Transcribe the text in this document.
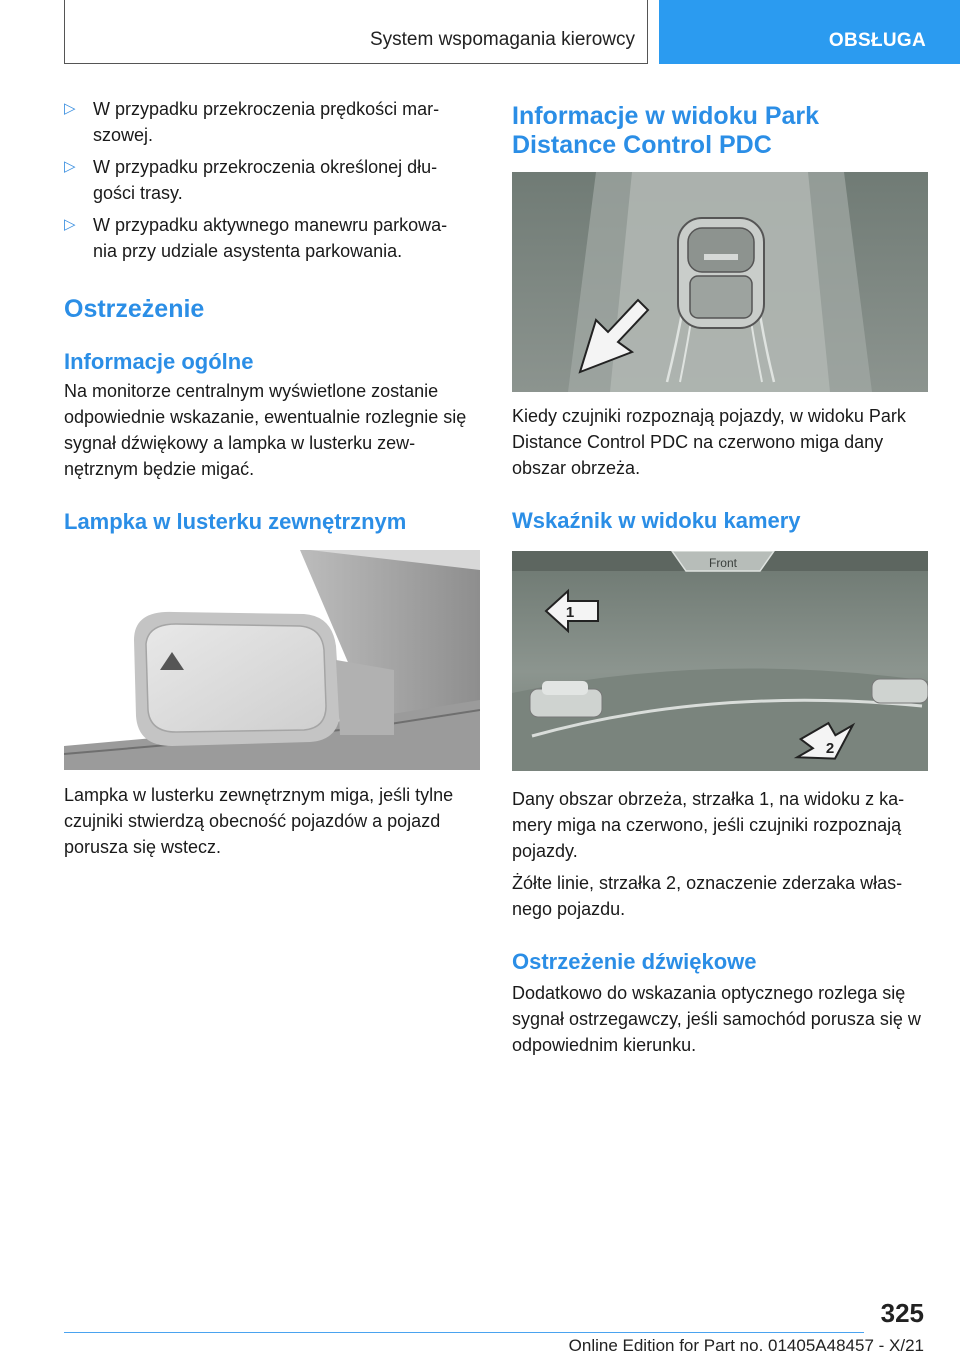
System wspomagania kierowcy	OBSŁUGA
▷ W przypadku przekroczenia prędkości mar‐
szowej.
▷ W przypadku przekroczenia określonej dłu‐
gości trasy.
▷ W przypadku aktywnego manewru parkowa‐
nia przy udziale asystenta parkowania.
Ostrzeżenie
Informacje ogólne

Na monitorze centralnym wyświetlone zostanie odpowiednie wskazanie, ewentualnie rozlegnie się sygnał dźwiękowy a lampka w lusterku zew‐nętrznym będzie migać.

Lampka w lusterku zewnętrznym

Lampka w lusterku zewnętrznym miga, jeśli tylne czujniki stwierdzą obecność pojazdów a pojazd porusza się wstecz.

Informacje w widoku Park Distance Control PDC

Kiedy czujniki rozpoznają pojazdy, w widoku Park Distance Control PDC na czerwono miga dany obszar obrzeża.

Wskaźnik w widoku kamery
Front
1
2

Dany obszar obrzeża, strzałka 1, na widoku z ka‐mery miga na czerwono, jeśli czujniki rozpoznają pojazdy.

Żółte linie, strzałka 2, oznaczenie zderzaka włas‐nego pojazdu.

Ostrzeżenie dźwiękowe

Dodatkowo do wskazania optycznego rozlega się sygnał ostrzegawczy, jeśli samochód porusza się w odpowiednim kierunku.

325
Online Edition for Part no. 01405A48457 - X/21
